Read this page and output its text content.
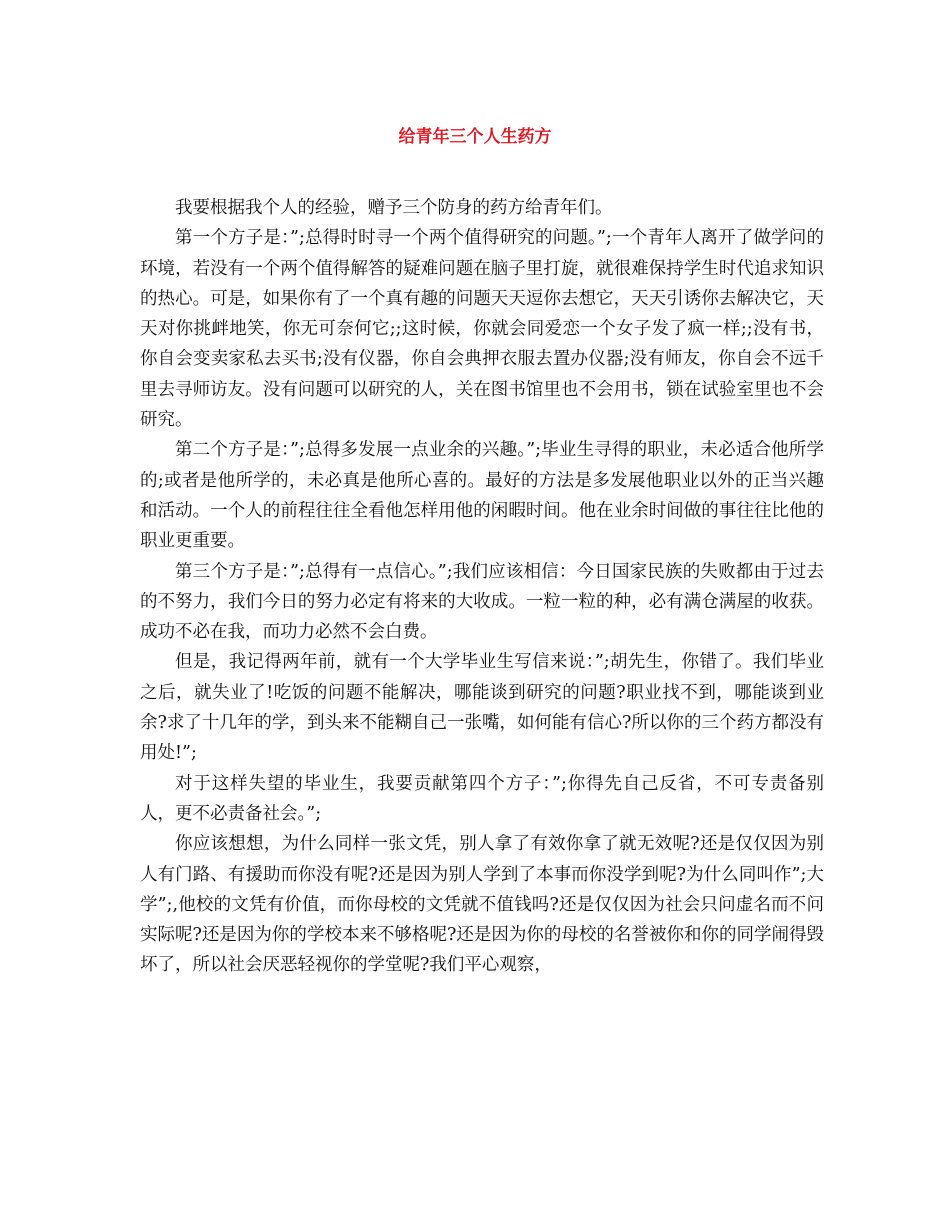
给青年三个人生药方

我要根据我个人的经验，赠予三个防身的药方给青年们。

第一个方子是：”;总得时时寻一个两个值得研究的问题。”;一个青年人离开了做学问的环境，若没有一个两个值得解答的疑难问题在脑子里打旋，就很难保持学生时代追求知识的热心。可是，如果你有了一个真有趣的问题天天逗你去想它，天天引诱你去解决它，天天对你挑衅地笑，你无可奈何它;;这时候，你就会同爱恋一个女子发了疯一样;;没有书，你自会变卖家私去买书;没有仪器，你自会典押衣服去置办仪器;没有师友，你自会不远千里去寻师访友。没有问题可以研究的人，关在图书馆里也不会用书，锁在试验室里也不会研究。

第二个方子是：”;总得多发展一点业余的兴趣。”;毕业生寻得的职业，未必适合他所学的;或者是他所学的，未必真是他所心喜的。最好的方法是多发展他职业以外的正当兴趣和活动。一个人的前程往往全看他怎样用他的闲暇时间。他在业余时间做的事往往比他的职业更重要。

第三个方子是：”;总得有一点信心。”;我们应该相信：今日国家民族的失败都由于过去的不努力，我们今日的努力必定有将来的大收成。一粒一粒的种，必有满仓满屋的收获。成功不必在我，而功力必然不会白费。

但是，我记得两年前，就有一个大学毕业生写信来说：”;胡先生，你错了。我们毕业之后，就失业了!吃饭的问题不能解决，哪能谈到研究的问题?职业找不到，哪能谈到业余?求了十几年的学，到头来不能糊自己一张嘴，如何能有信心?所以你的三个药方都没有用处!”;

对于这样失望的毕业生，我要贡献第四个方子：”;你得先自己反省，不可专责备别人，更不必责备社会。”;

你应该想想，为什么同样一张文凭，别人拿了有效你拿了就无效呢?还是仅仅因为别人有门路、有援助而你没有呢?还是因为别人学到了本事而你没学到呢?为什么同叫作”;大学”;,他校的文凭有价值，而你母校的文凭就不值钱吗?还是仅仅因为社会只问虚名而不问实际呢?还是因为你的学校本来不够格呢?还是因为你的母校的名誉被你和你的同学闹得毁坏了，所以社会厌恶轻视你的学堂呢?我们平心观察，
